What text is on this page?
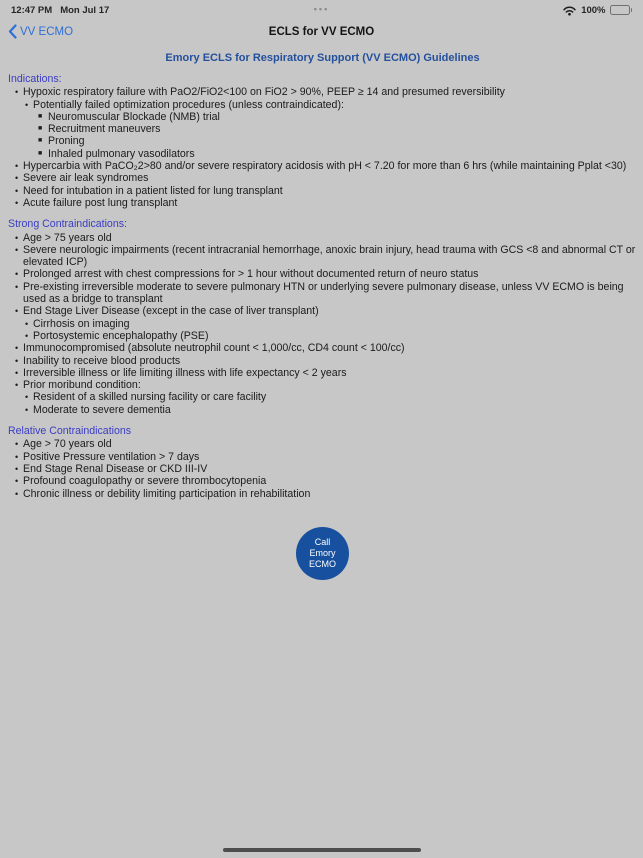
12:47 PM Mon Jul 17	•••	100%
VV ECMO	ECLS for VV ECMO
Emory ECLS for Respiratory Support (VV ECMO) Guidelines
Indications:
• Hypoxic respiratory failure with PaO2/FiO2<100 on FiO2 > 90%, PEEP ≥ 14 and presumed reversibility
• Potentially failed optimization procedures (unless contraindicated):
■ Neuromuscular Blockade (NMB) trial
■ Recruitment maneuvers
■ Proning
■ Inhaled pulmonary vasodilators
• Hypercarbia with PaCO₂2>80 and/or severe respiratory acidosis with pH < 7.20 for more than 6 hrs (while maintaining Pplat <30)
• Severe air leak syndromes
• Need for intubation in a patient listed for lung transplant
• Acute failure post lung transplant
Strong Contraindications:
• Age > 75 years old
• Severe neurologic impairments (recent intracranial hemorrhage, anoxic brain injury, head trauma with GCS <8 and abnormal CT or elevated ICP)
• Prolonged arrest with chest compressions for > 1 hour without documented return of neuro status
• Pre-existing irreversible moderate to severe pulmonary HTN or underlying severe pulmonary disease, unless VV ECMO is being used as a bridge to transplant
• End Stage Liver Disease (except in the case of liver transplant)
• Cirrhosis on imaging
• Portosystemic encephalopathy (PSE)
• Immunocompromised (absolute neutrophil count < 1,000/cc, CD4 count < 100/cc)
• Inability to receive blood products
• Irreversible illness or life limiting illness with life expectancy < 2 years
• Prior moribund condition:
• Resident of a skilled nursing facility or care facility
• Moderate to severe dementia
Relative Contraindications
• Age > 70 years old
• Positive Pressure ventilation > 7 days
• End Stage Renal Disease or CKD III-IV
• Profound coagulopathy or severe thrombocytopenia
• Chronic illness or debility limiting participation in rehabilitation
Call
Emory
ECMO
